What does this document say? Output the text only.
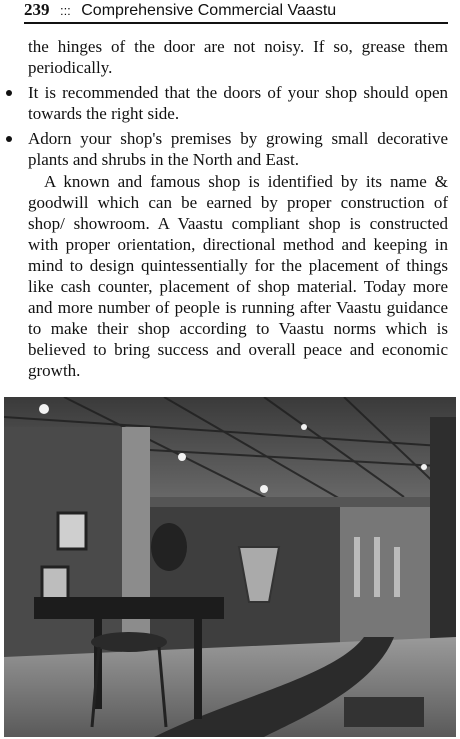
239 ::: Comprehensive Commercial Vaastu

the hinges of the door are not noisy. If so, grease them periodically.

It is recommended that the doors of your shop should open towards the right side.
Adorn your shop's premises by growing small decorative plants and shrubs in the North and East.

A known and famous shop is identified by its name & goodwill which can be earned by proper construction of shop/ showroom. A Vaastu compliant shop is constructed with proper orientation, directional method and keeping in mind to design quintessentially for the placement of things like cash counter, placement of shop material. Today more and more number of people is running after Vaastu guidance to make their shop according to Vaastu norms which is believed to bring success and overall peace and economic growth.
